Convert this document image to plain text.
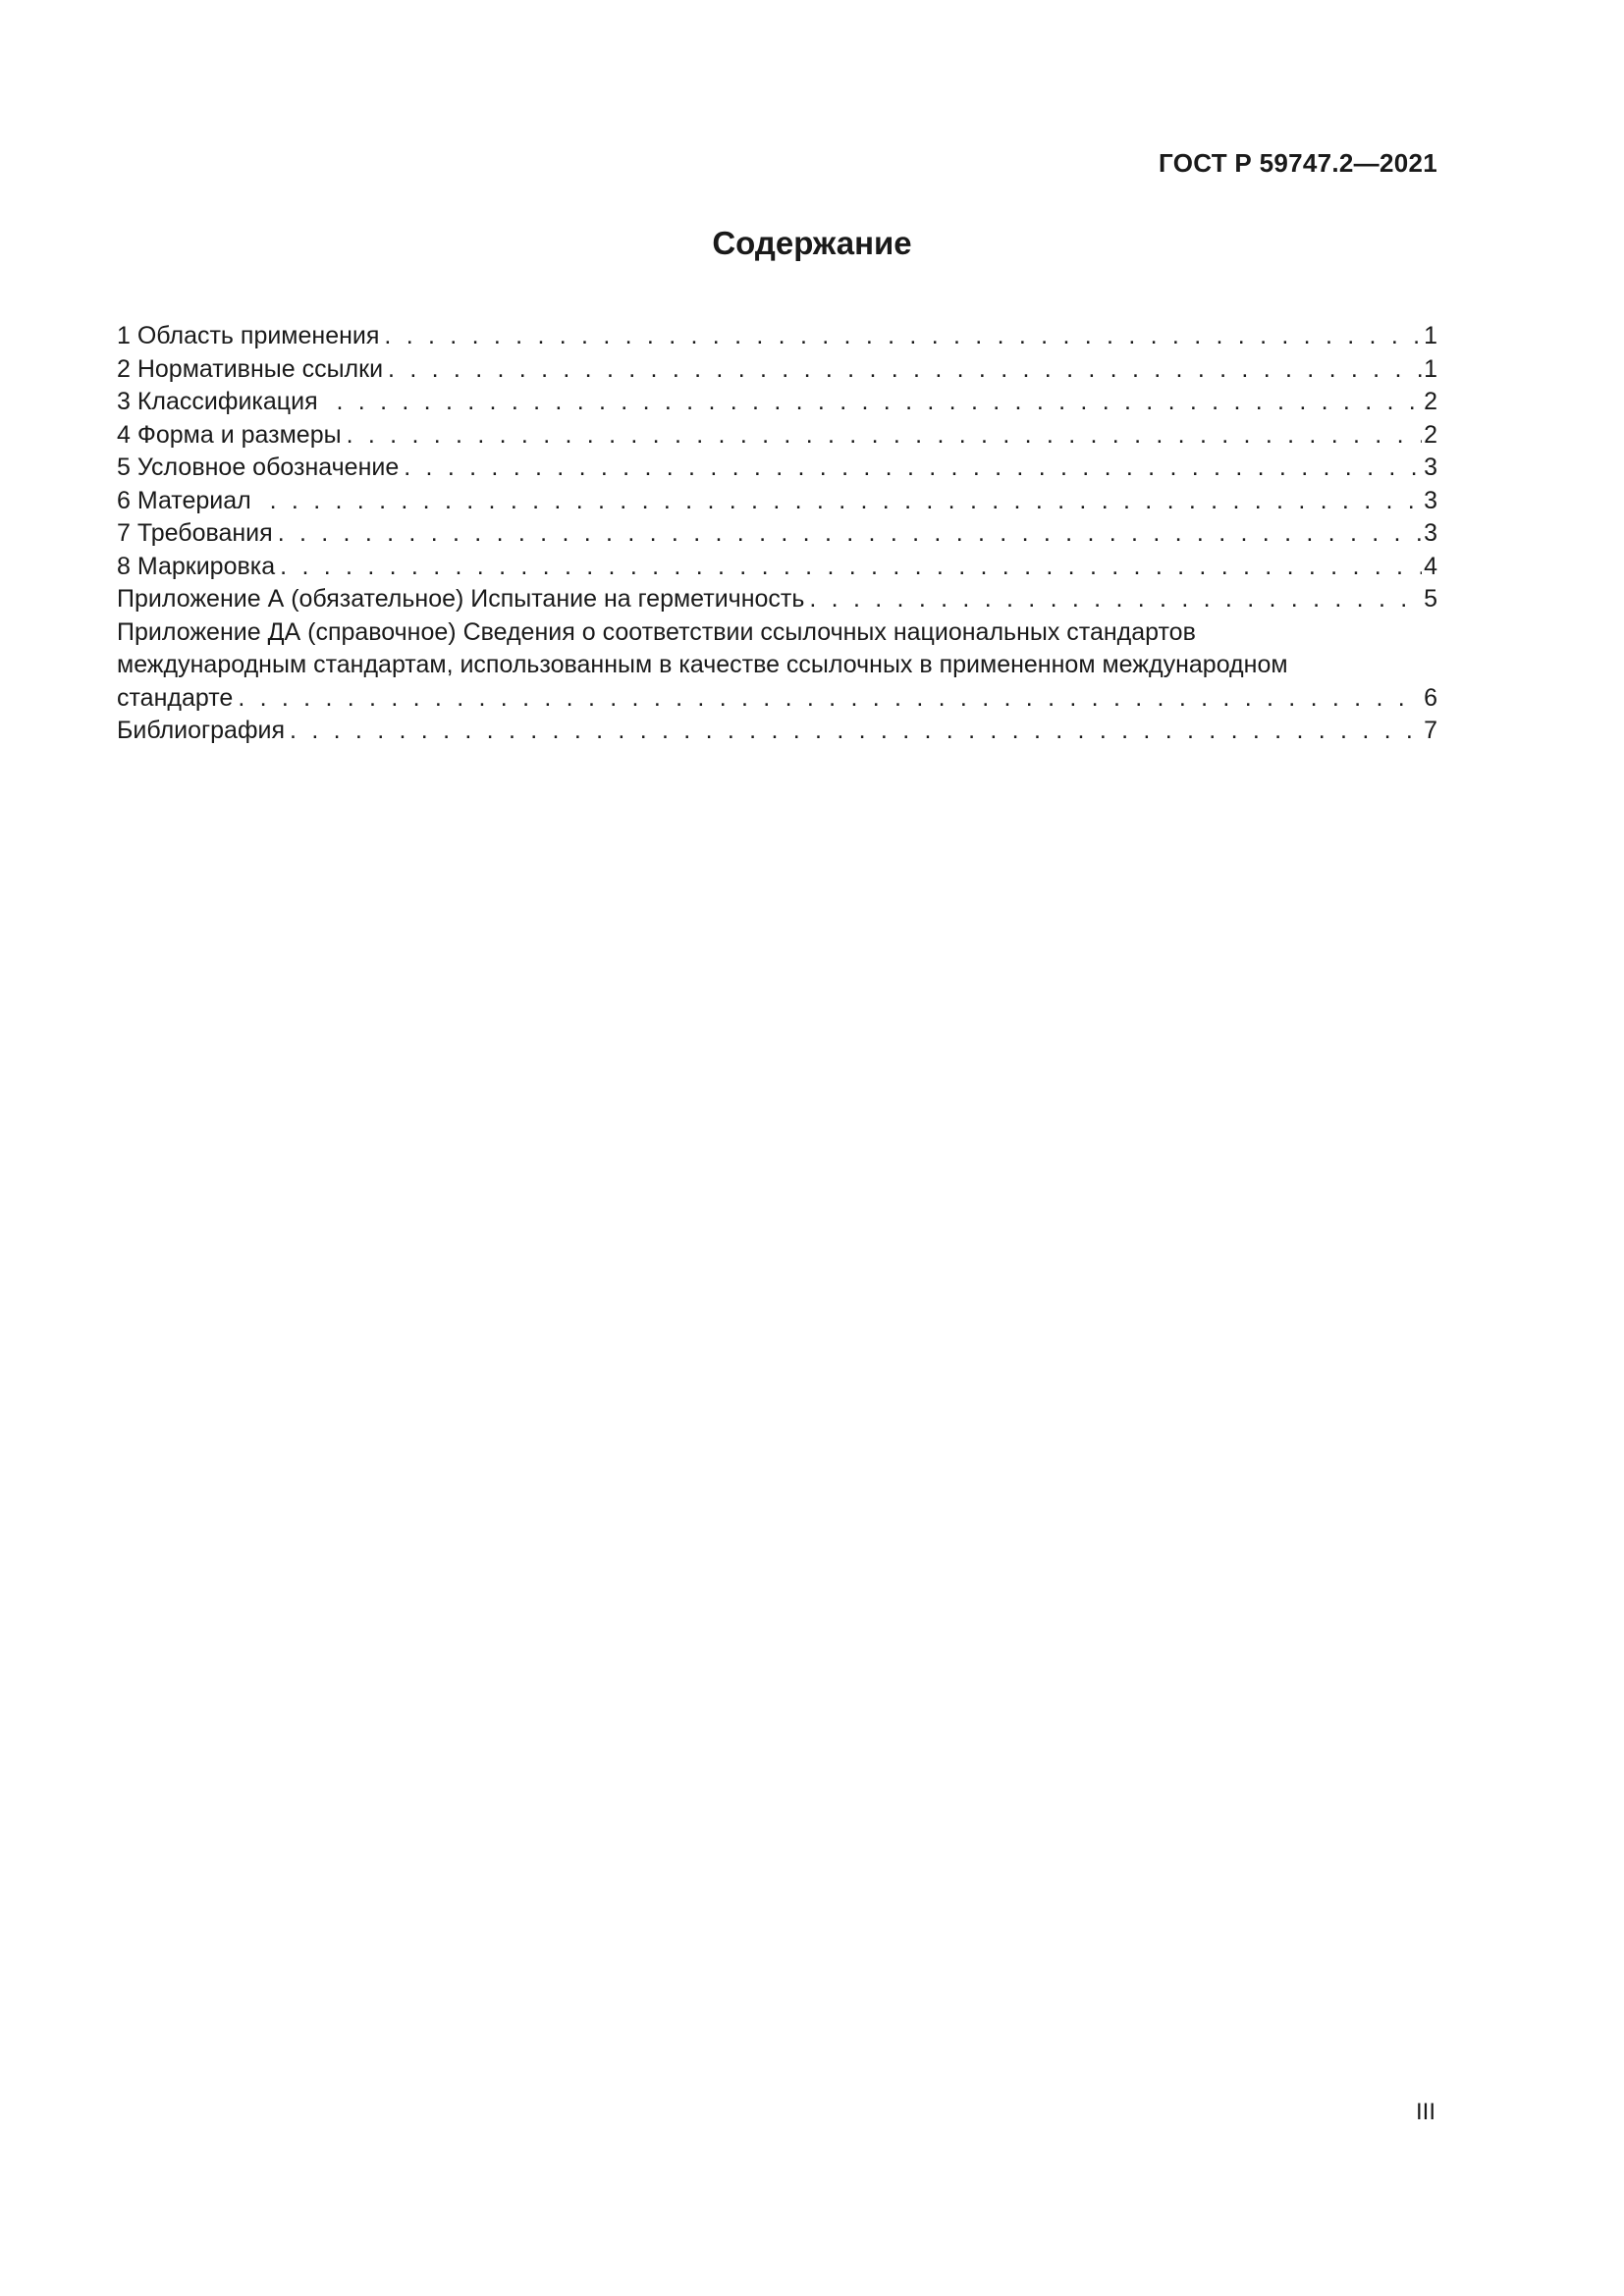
ГОСТ Р 59747.2—2021
Содержание
1 Область применения . . .	1
2 Нормативные ссылки . . .	1
3 Классификация . . .	2
4 Форма и размеры . . .	2
5 Условное обозначение . . .	3
6 Материал . . .	3
7 Требования . . .	3
8 Маркировка . . .	4
Приложение А (обязательное) Испытание на герметичность . . .	5
Приложение ДА (справочное) Сведения о соответствии ссылочных национальных стандартов
международным стандартам, использованным в качестве ссылочных в примененном международном
стандарте . . .	6
Библиография . . .	7
III
